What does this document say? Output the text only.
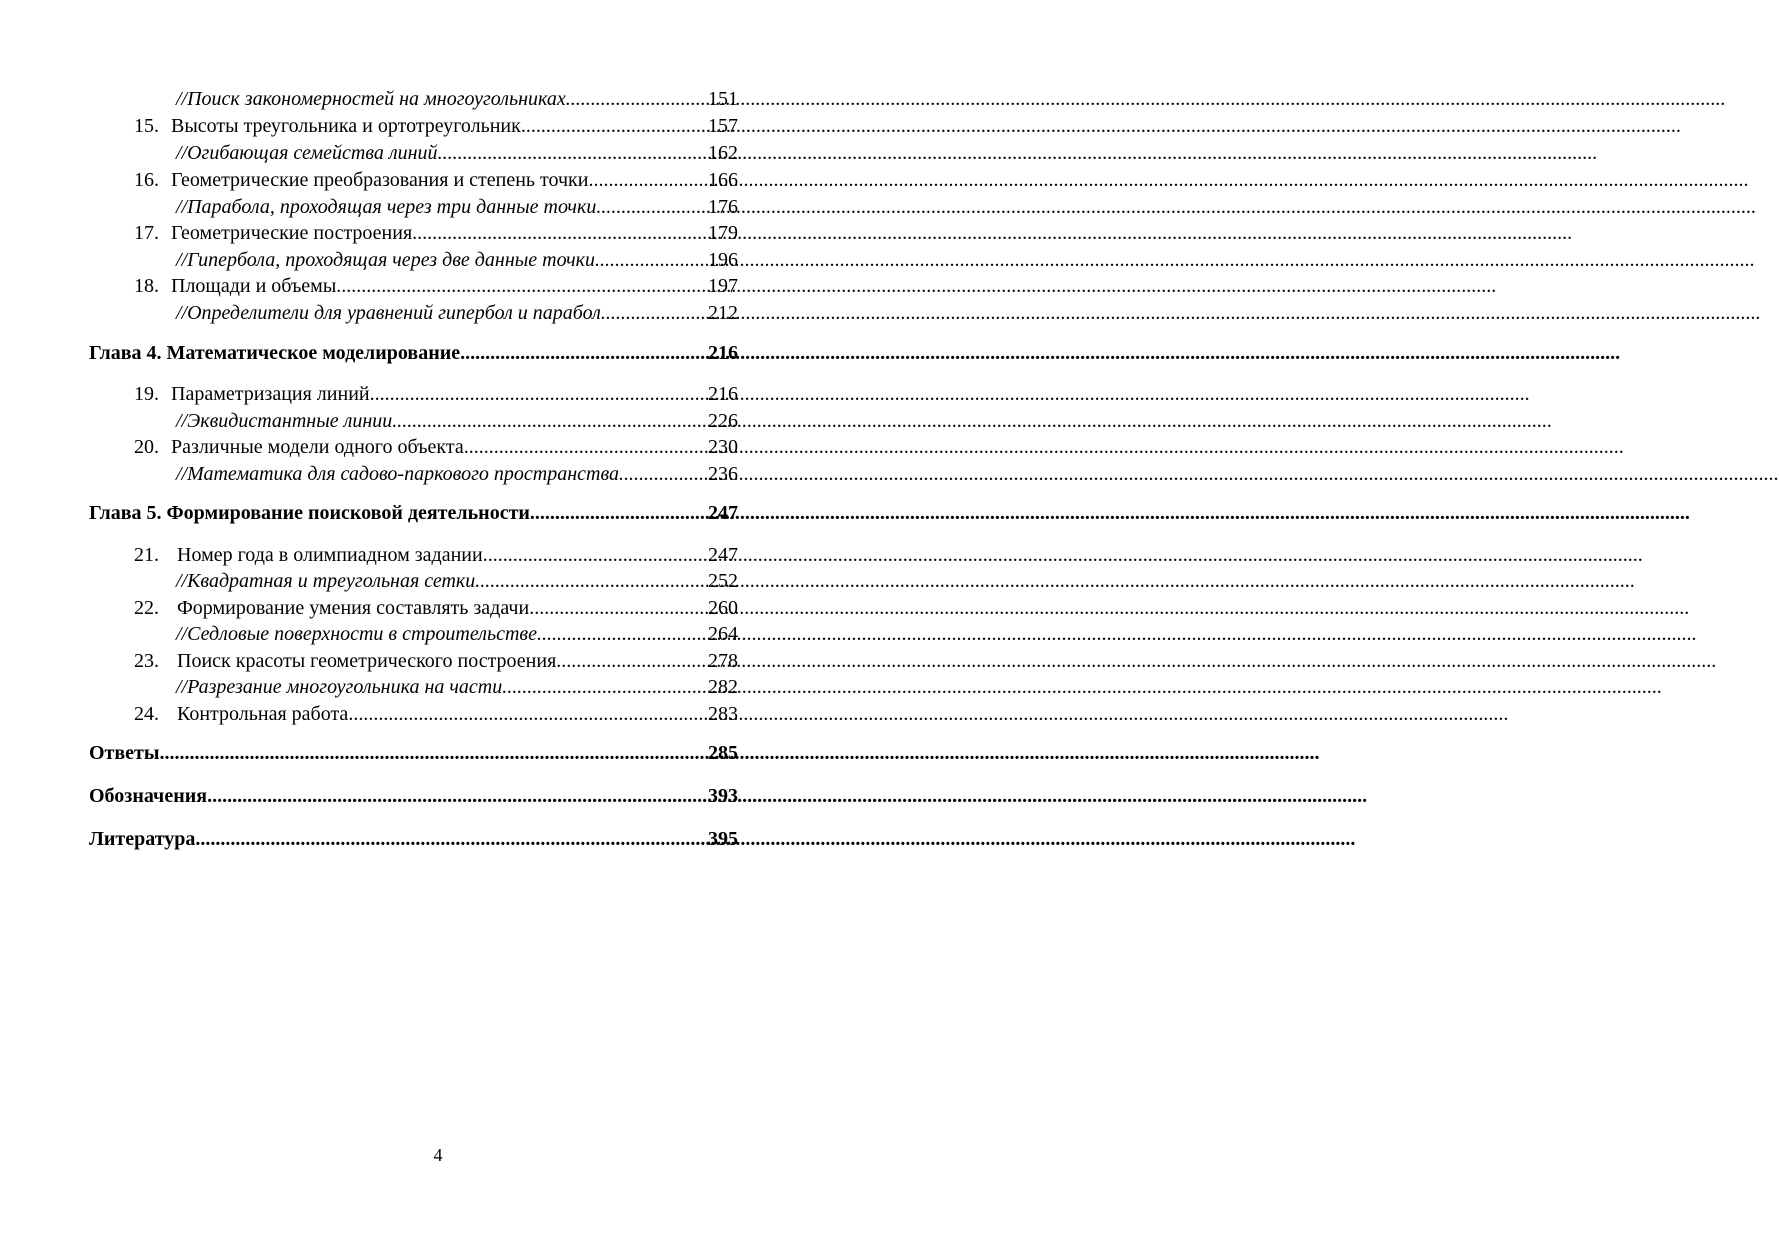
//Поиск закономерностей на многоугольниках .....	151
15. Высоты треугольника и ортотреугольник .....	157
//Огибающая семейства линий .....	162
16. Геометрические преобразования и степень точки .....	166
//Парабола, проходящая через три данные точки .....	176
17. Геометрические построения .....	179
//Гипербола, проходящая через две данные точки .....	196
18. Площади и объемы .....	197
//Определители для уравнений гипербол и парабол .....	212
Глава 4. Математическое моделирование .....	216
19. Параметризация линий .....	216
//Эквидистантные линии .....	226
20. Различные модели одного объекта .....	230
//Математика для садово-паркового пространства .....	236
Глава 5. Формирование поисковой деятельности .....	247
21. Номер года в олимпиадном задании .....	247
//Квадратная и треугольная сетки .....	252
22. Формирование умения составлять задачи .....	260
//Седловые поверхности в строительстве .....	264
23. Поиск красоты геометрического построения .....	278
//Разрезание многоугольника на части .....	282
24. Контрольная работа .....	283
Ответы .....	285
Обозначения .....	393
Литература .....	395
4
